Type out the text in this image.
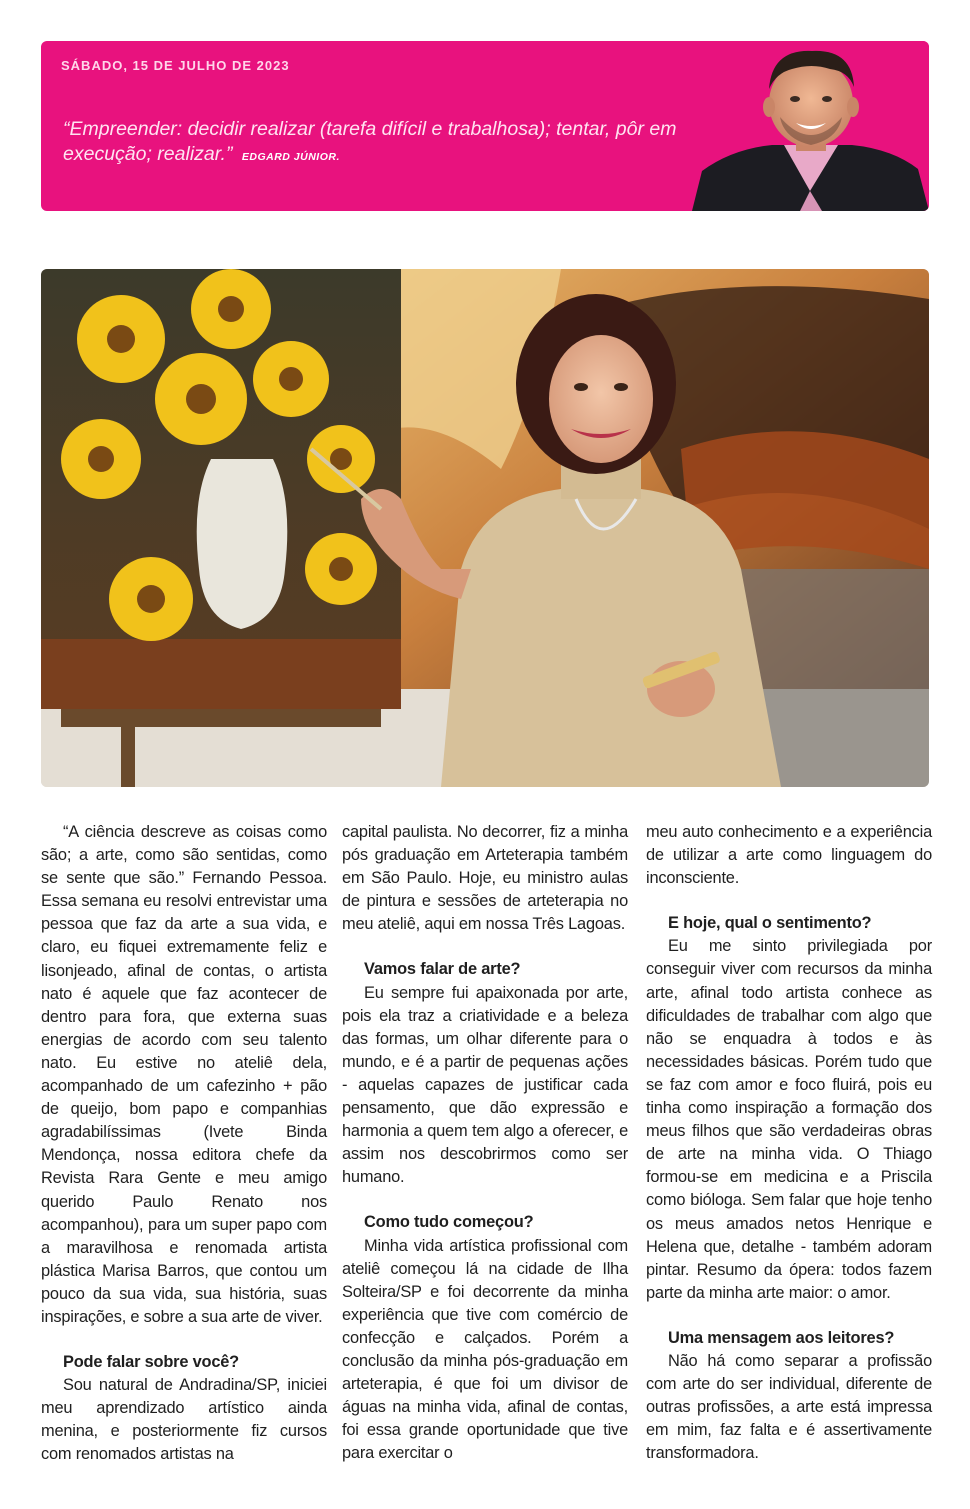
SÁBADO, 15 DE JULHO DE 2023
“Empreender: decidir realizar (tarefa difícil e trabalhosa); tentar, pôr em execução; realizar.” EDGARD JÚNIOR.

“A ciência descreve as coisas como são; a arte, como são sentidas, como se sente que são.” Fernando Pessoa. Essa semana eu resolvi entrevistar uma pessoa que faz da arte a sua vida, e claro, eu fiquei extremamente feliz e lisonjeado, afinal de contas, o artista nato é aquele que faz acontecer de dentro para fora, que externa suas energias de acordo com seu talento nato. Eu estive no ateliê dela, acompanhado de um cafezinho + pão de queijo, bom papo e companhias agradabilíssimas (Ivete Binda Mendonça, nossa editora chefe da Revista Rara Gente e meu amigo querido Paulo Renato nos acompanhou), para um super papo com a maravilhosa e renomada artista plástica Marisa Barros, que contou um pouco da sua vida, sua história, suas inspirações, e sobre a sua arte de viver.

Pode falar sobre você?

Sou natural de Andradina/SP, iniciei meu aprendizado artístico ainda menina, e posteriormente fiz cursos com renomados artistas na

capital paulista. No decorrer, fiz a minha pós graduação em Arteterapia também em São Paulo. Hoje, eu ministro aulas de pintura e sessões de arteterapia no meu ateliê, aqui em nossa Três Lagoas.

Vamos falar de arte?

Eu sempre fui apaixonada por arte, pois ela traz a criatividade e a beleza das formas, um olhar diferente para o mundo, e é a partir de pequenas ações - aquelas capazes de justificar cada pensamento, que dão expressão e harmonia a quem tem algo a oferecer, e assim nos descobrirmos como ser humano.

Como tudo começou?

Minha vida artística profissional com ateliê começou lá na cidade de Ilha Solteira/SP e foi decorrente da minha experiência que tive com comércio de confecção e calçados. Porém a conclusão da minha pós-graduação em arteterapia, é que foi um divisor de águas na minha vida, afinal de contas, foi essa grande oportunidade que tive para exercitar o

meu auto conhecimento e a experiência de utilizar a arte como linguagem do inconsciente.

E hoje, qual o sentimento?

Eu me sinto privilegiada por conseguir viver com recursos da minha arte, afinal todo artista conhece as dificuldades de trabalhar com algo que não se enquadra à todos e às necessidades básicas. Porém tudo que se faz com amor e foco fluirá, pois eu tinha como inspiração a formação dos meus filhos que são verdadeiras obras de arte na minha vida. O Thiago formou-se em medicina e a Priscila como bióloga. Sem falar que hoje tenho os meus amados netos Henrique e Helena que, detalhe - também adoram pintar. Resumo da ópera: todos fazem parte da minha arte maior: o amor.

Uma mensagem aos leitores?

Não há como separar a profissão com arte do ser individual, diferente de outras profissões, a arte está impressa em mim, faz falta e é assertivamente transformadora.
